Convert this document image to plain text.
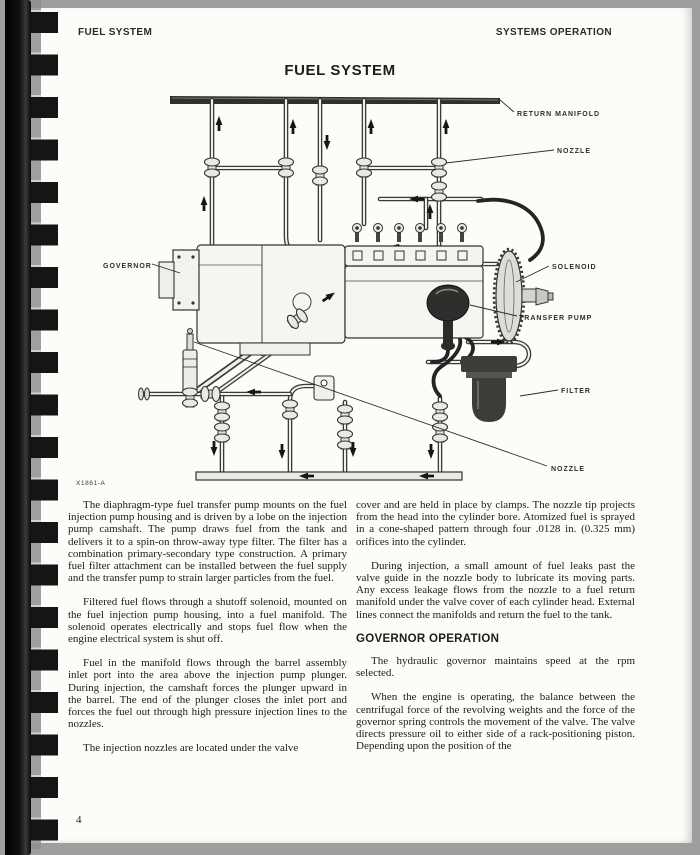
FUEL SYSTEM	SYSTEMS OPERATION
FUEL SYSTEM
RETURN MANIFOLD
NOZZLE
GOVERNOR	SOLENOID
TRANSFER PUMP
FILTER
NOZZLE
X1861-A

The diaphragm-type fuel transfer pump mounts on the fuel injection pump housing and is driven by a lobe on the injection pump camshaft. The pump draws fuel from the tank and delivers it to a spin-on throw-away type filter. The filter has a combination primary-secondary type construction. A primary fuel filter attachment can be installed between the fuel supply and the transfer pump to strain larger particles from the fuel.

Filtered fuel flows through a shutoff solenoid, mounted on the fuel injection pump housing, into a fuel manifold. The solenoid operates electrically and stops fuel flow when the engine electrical system is shut off.

Fuel in the manifold flows through the barrel assembly inlet port into the area above the injection pump plunger. During injection, the camshaft forces the plunger upward in the barrel. The end of the plunger closes the inlet port and forces the fuel out through high pressure injection lines to the nozzles.

The injection nozzles are located under the valve

cover and are held in place by clamps. The nozzle tip projects from the head into the cylinder bore. Atomized fuel is sprayed in a cone-shaped pattern through four .0128 in. (0.325 mm) orifices into the cylinder.

During injection, a small amount of fuel leaks past the valve guide in the nozzle body to lubricate its moving parts. Any excess leakage flows from the nozzle to a fuel return manifold under the valve cover of each cylinder head. External lines connect the manifolds and return the fuel to the tank.

GOVERNOR OPERATION

The hydraulic governor maintains speed at the rpm selected.

When the engine is operating, the balance between the centrifugal force of the revolving weights and the force of the governor spring controls the movement of the valve. The valve directs pressure oil to either side of a rack-positioning piston. Depending upon the position of the

4
